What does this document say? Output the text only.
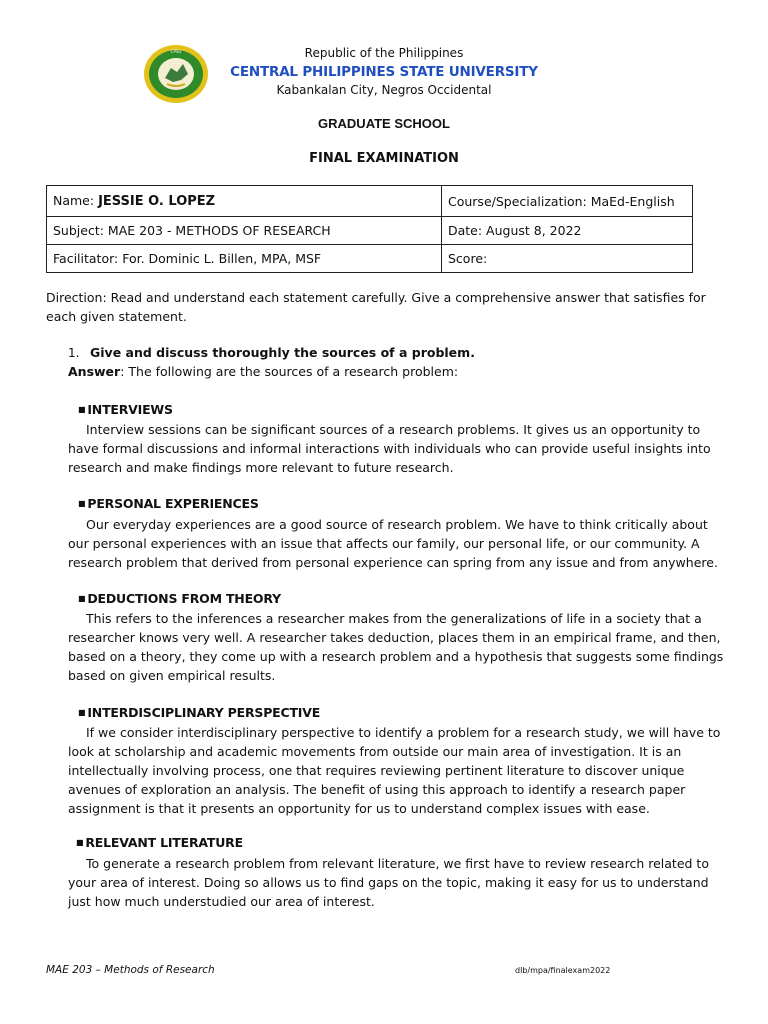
CPSU	Republic of the Philippines
CENTRAL PHILIPPINES STATE UNIVERSITY
Kabankalan City, Negros Occidental
GRADUATE SCHOOL
FINAL EXAMINATION
Name: JESSIE O. LOPEZ	Course/Specialization: MaEd-English
Subject: MAE 203 - METHODS OF RESEARCH	Date: August 8, 2022
Facilitator: For. Dominic L. Billen, MPA, MSF	Score:
Direction: Read and understand each statement carefully. Give a comprehensive answer that satisfies for each given statement.
1. Give and discuss thoroughly the sources of a problem.
Answer: The following are the sources of a research problem:
■ INTERVIEWS
Interview sessions can be significant sources of a research problems. It gives us an opportunity to have formal discussions and informal interactions with individuals who can provide useful insights into research and make findings more relevant to future research.
■ PERSONAL EXPERIENCES
Our everyday experiences are a good source of research problem. We have to think critically about our personal experiences with an issue that affects our family, our personal life, or our community. A research problem that derived from personal experience can spring from any issue and from anywhere.
■ DEDUCTIONS FROM THEORY
This refers to the inferences a researcher makes from the generalizations of life in a society that a researcher knows very well. A researcher takes deduction, places them in an empirical frame, and then, based on a theory, they come up with a research problem and a hypothesis that suggests some findings based on given empirical results.
■ INTERDISCIPLINARY PERSPECTIVE
If we consider interdisciplinary perspective to identify a problem for a research study, we will have to look at scholarship and academic movements from outside our main area of investigation. It is an intellectually involving process, one that requires reviewing pertinent literature to discover unique avenues of exploration an analysis. The benefit of using this approach to identify a research paper assignment is that it presents an opportunity for us to understand complex issues with ease.
■ RELEVANT LITERATURE
To generate a research problem from relevant literature, we first have to review research related to your area of interest. Doing so allows us to find gaps on the topic, making it easy for us to understand just how much understudied our area of interest.
MAE 203 – Methods of Research	dlb/mpa/finalexam2022
